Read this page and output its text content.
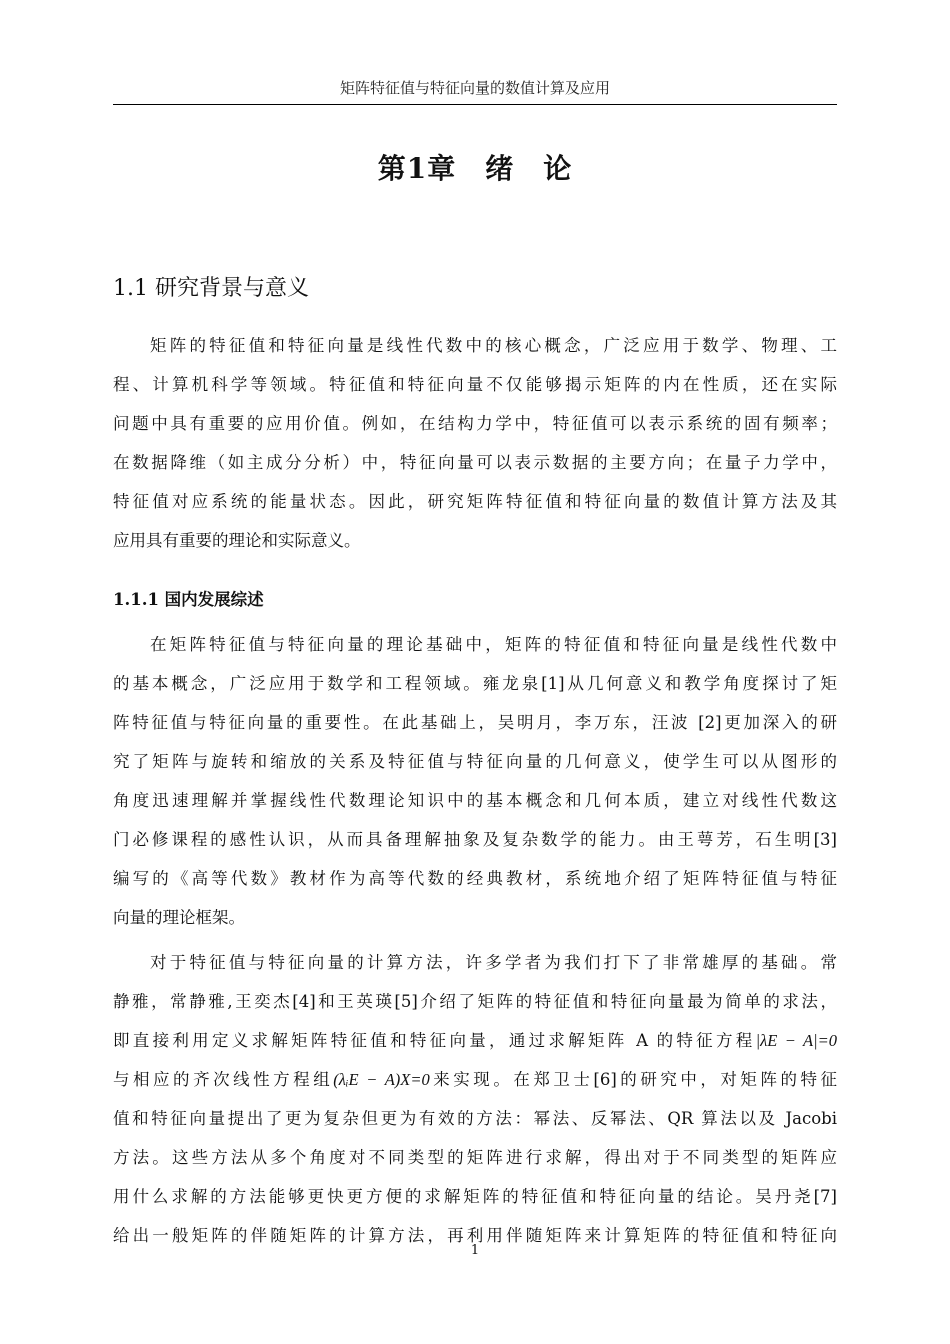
矩阵特征值与特征向量的数值计算及应用
第1章　绪　论
1.1 研究背景与意义
矩阵的特征值和特征向量是线性代数中的核心概念，广泛应用于数学、物理、工
程、计算机科学等领域。特征值和特征向量不仅能够揭示矩阵的内在性质，还在实际
问题中具有重要的应用价值。例如，在结构力学中，特征值可以表示系统的固有频率；
在数据降维（如主成分分析）中，特征向量可以表示数据的主要方向；在量子力学中，
特征值对应系统的能量状态。因此，研究矩阵特征值和特征向量的数值计算方法及其
应用具有重要的理论和实际意义。
1.1.1 国内发展综述
在矩阵特征值与特征向量的理论基础中，矩阵的特征值和特征向量是线性代数中
的基本概念，广泛应用于数学和工程领域。雍龙泉[1]从几何意义和教学角度探讨了矩
阵特征值与特征向量的重要性。在此基础上，吴明月，李万东，汪波 [2]更加深入的研
究了矩阵与旋转和缩放的关系及特征值与特征向量的几何意义，使学生可以从图形的
角度迅速理解并掌握线性代数理论知识中的基本概念和几何本质，建立对线性代数这
门必修课程的感性认识，从而具备理解抽象及复杂数学的能力。由王萼芳，石生明[3]
编写的《高等代数》教材作为高等代数的经典教材，系统地介绍了矩阵特征值与特征
向量的理论框架。
对于特征值与特征向量的计算方法，许多学者为我们打下了非常雄厚的基础。常
静雅，常静雅,王奕杰[4]和王英瑛[5]介绍了矩阵的特征值和特征向量最为简单的求法，
即直接利用定义求解矩阵特征值和特征向量，通过求解矩阵 A 的特征方程|λE − A|=0
与相应的齐次线性方程组(λᵢE − A)X=0来实现。在郑卫士[6]的研究中，对矩阵的特征
值和特征向量提出了更为复杂但更为有效的方法：幂法、反幂法、QR 算法以及 Jacobi
方法。这些方法从多个角度对不同类型的矩阵进行求解，得出对于不同类型的矩阵应
用什么求解的方法能够更快更方便的求解矩阵的特征值和特征向量的结论。吴丹尧[7]
给出一般矩阵的伴随矩阵的计算方法，再利用伴随矩阵来计算矩阵的特征值和特征向
1
